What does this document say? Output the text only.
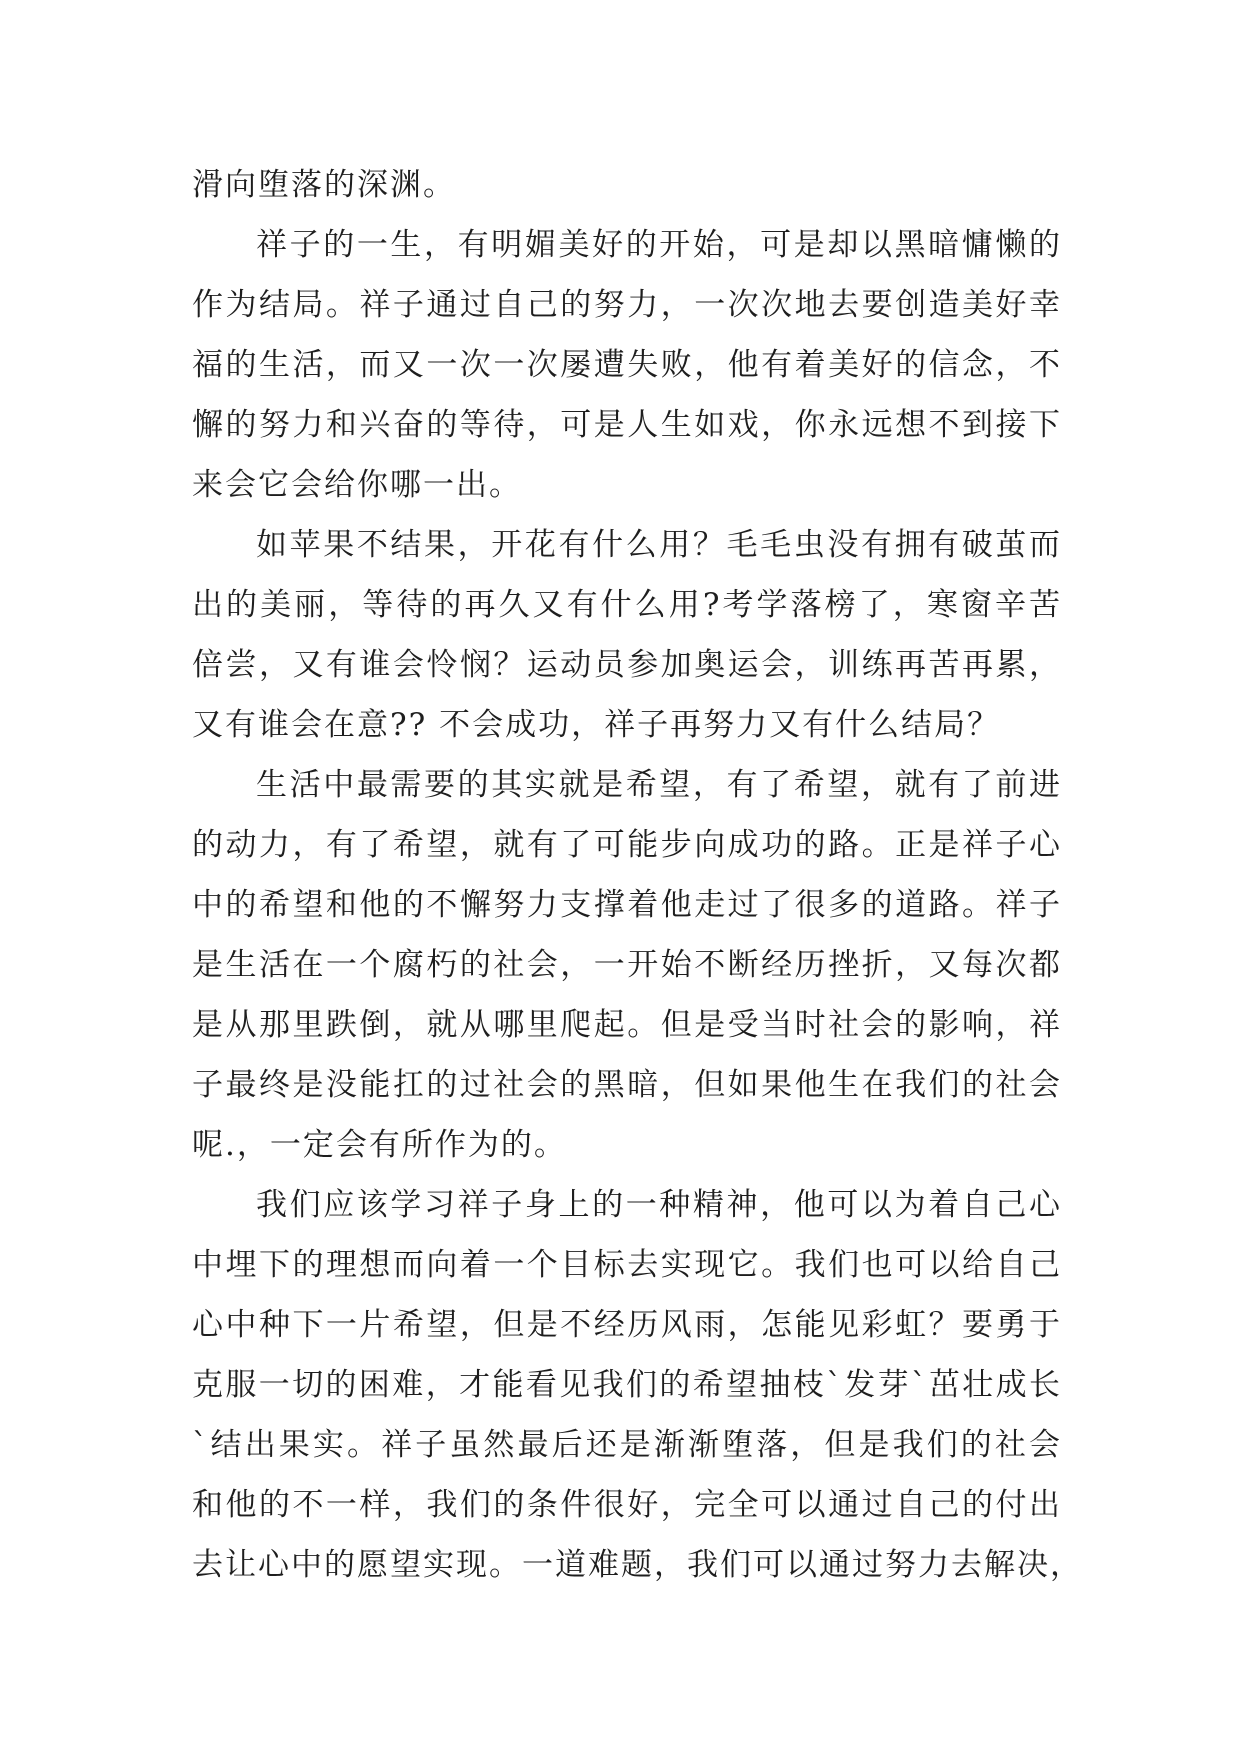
滑向堕落的深渊。
祥子的一生，有明媚美好的开始，可是却以黑暗慵懒的
作为结局。祥子通过自己的努力，一次次地去要创造美好幸
福的生活，而又一次一次屡遭失败，他有着美好的信念，不
懈的努力和兴奋的等待，可是人生如戏，你永远想不到接下
来会它会给你哪一出。
如苹果不结果，开花有什么用？毛毛虫没有拥有破茧而
出的美丽，等待的再久又有什么用?考学落榜了，寒窗辛苦
倍尝，又有谁会怜悯？运动员参加奥运会，训练再苦再累，
又有谁会在意?? 不会成功，祥子再努力又有什么结局？
生活中最需要的其实就是希望，有了希望，就有了前进
的动力，有了希望，就有了可能步向成功的路。正是祥子心
中的希望和他的不懈努力支撑着他走过了很多的道路。祥子
是生活在一个腐朽的社会，一开始不断经历挫折，又每次都
是从那里跌倒，就从哪里爬起。但是受当时社会的影响，祥
子最终是没能扛的过社会的黑暗，但如果他生在我们的社会
呢.，一定会有所作为的。
我们应该学习祥子身上的一种精神，他可以为着自己心
中埋下的理想而向着一个目标去实现它。我们也可以给自己
心中种下一片希望，但是不经历风雨，怎能见彩虹？要勇于
克服一切的困难，才能看见我们的希望抽枝`发芽`茁壮成长
`结出果实。祥子虽然最后还是渐渐堕落，但是我们的社会
和他的不一样，我们的条件很好，完全可以通过自己的付出
去让心中的愿望实现。一道难题，我们可以通过努力去解决，
